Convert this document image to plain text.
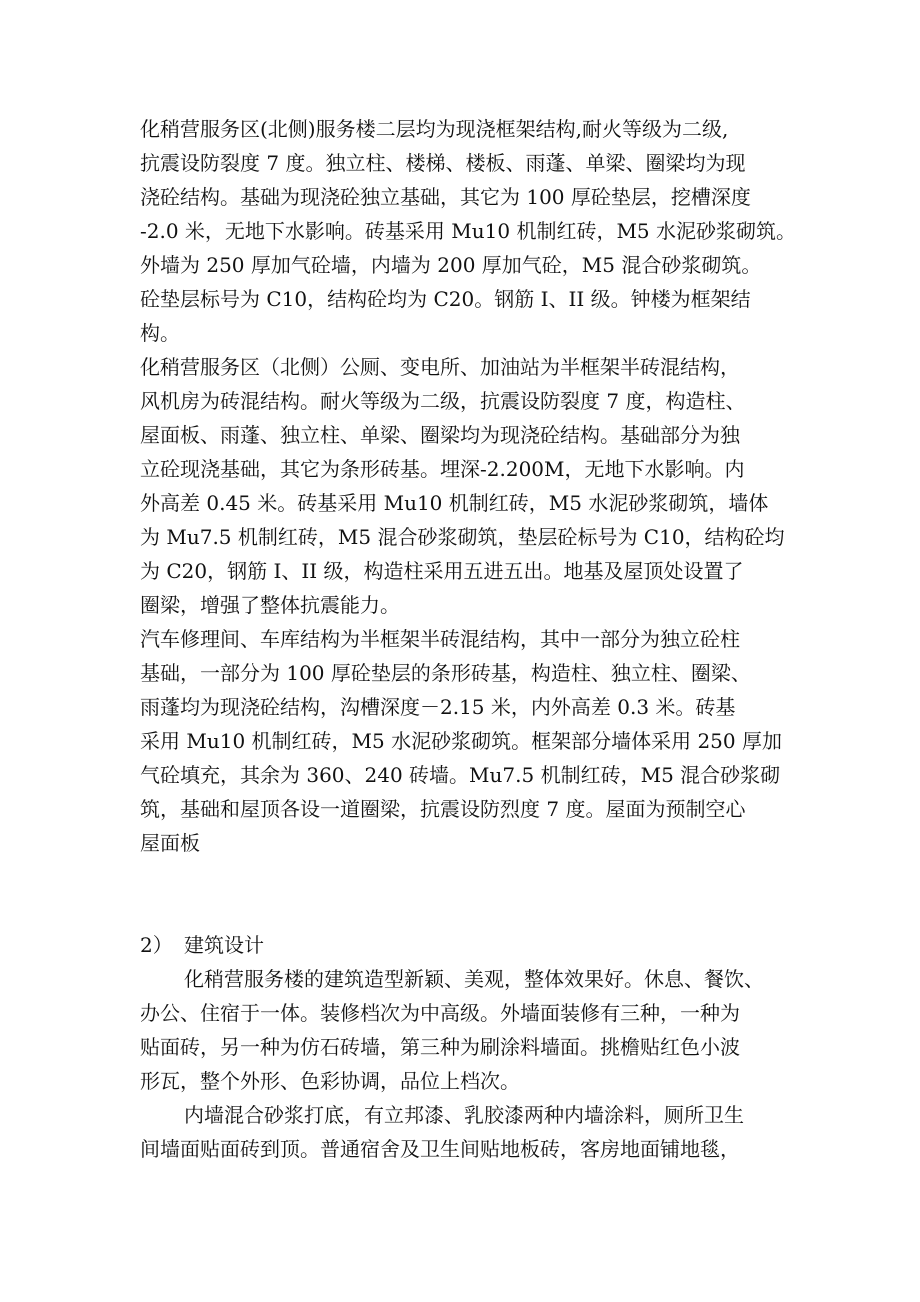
化稍营服务区(北侧)服务楼二层均为现浇框架结构,耐火等级为二级,
抗震设防裂度 7 度。独立柱、楼梯、楼板、雨蓬、单梁、圈梁均为现
浇砼结构。基础为现浇砼独立基础，其它为 100 厚砼垫层，挖槽深度
-2.0 米，无地下水影响。砖基采用 Mu10 机制红砖，M5 水泥砂浆砌筑。
外墙为 250 厚加气砼墙，内墙为 200 厚加气砼，M5 混合砂浆砌筑。
砼垫层标号为 C10，结构砼均为 C20。钢筋 I、II 级。钟楼为框架结
构。
化稍营服务区（北侧）公厕、变电所、加油站为半框架半砖混结构，
风机房为砖混结构。耐火等级为二级，抗震设防裂度 7 度，构造柱、
屋面板、雨蓬、独立柱、单梁、圈梁均为现浇砼结构。基础部分为独
立砼现浇基础，其它为条形砖基。埋深-2.200M，无地下水影响。内
外高差 0.45 米。砖基采用 Mu10 机制红砖，M5 水泥砂浆砌筑，墙体
为 Mu7.5 机制红砖，M5 混合砂浆砌筑，垫层砼标号为 C10，结构砼均
为 C20，钢筋 I、II 级，构造柱采用五进五出。地基及屋顶处设置了
圈梁，增强了整体抗震能力。
汽车修理间、车库结构为半框架半砖混结构，其中一部分为独立砼柱
基础，一部分为 100 厚砼垫层的条形砖基，构造柱、独立柱、圈梁、
雨蓬均为现浇砼结构，沟槽深度－2.15 米，内外高差 0.3 米。砖基
采用 Mu10 机制红砖，M5 水泥砂浆砌筑。框架部分墙体采用 250 厚加
气砼填充，其余为 360、240 砖墙。Mu7.5 机制红砖，M5 混合砂浆砌
筑，基础和屋顶各设一道圈梁，抗震设防烈度 7 度。屋面为预制空心
屋面板
2） 建筑设计
化稍营服务楼的建筑造型新颖、美观，整体效果好。休息、餐饮、
办公、住宿于一体。装修档次为中高级。外墙面装修有三种，一种为
贴面砖，另一种为仿石砖墙，第三种为刷涂料墙面。挑檐贴红色小波
形瓦，整个外形、色彩协调，品位上档次。
内墙混合砂浆打底，有立邦漆、乳胶漆两种内墙涂料，厕所卫生
间墙面贴面砖到顶。普通宿舍及卫生间贴地板砖，客房地面铺地毯，
